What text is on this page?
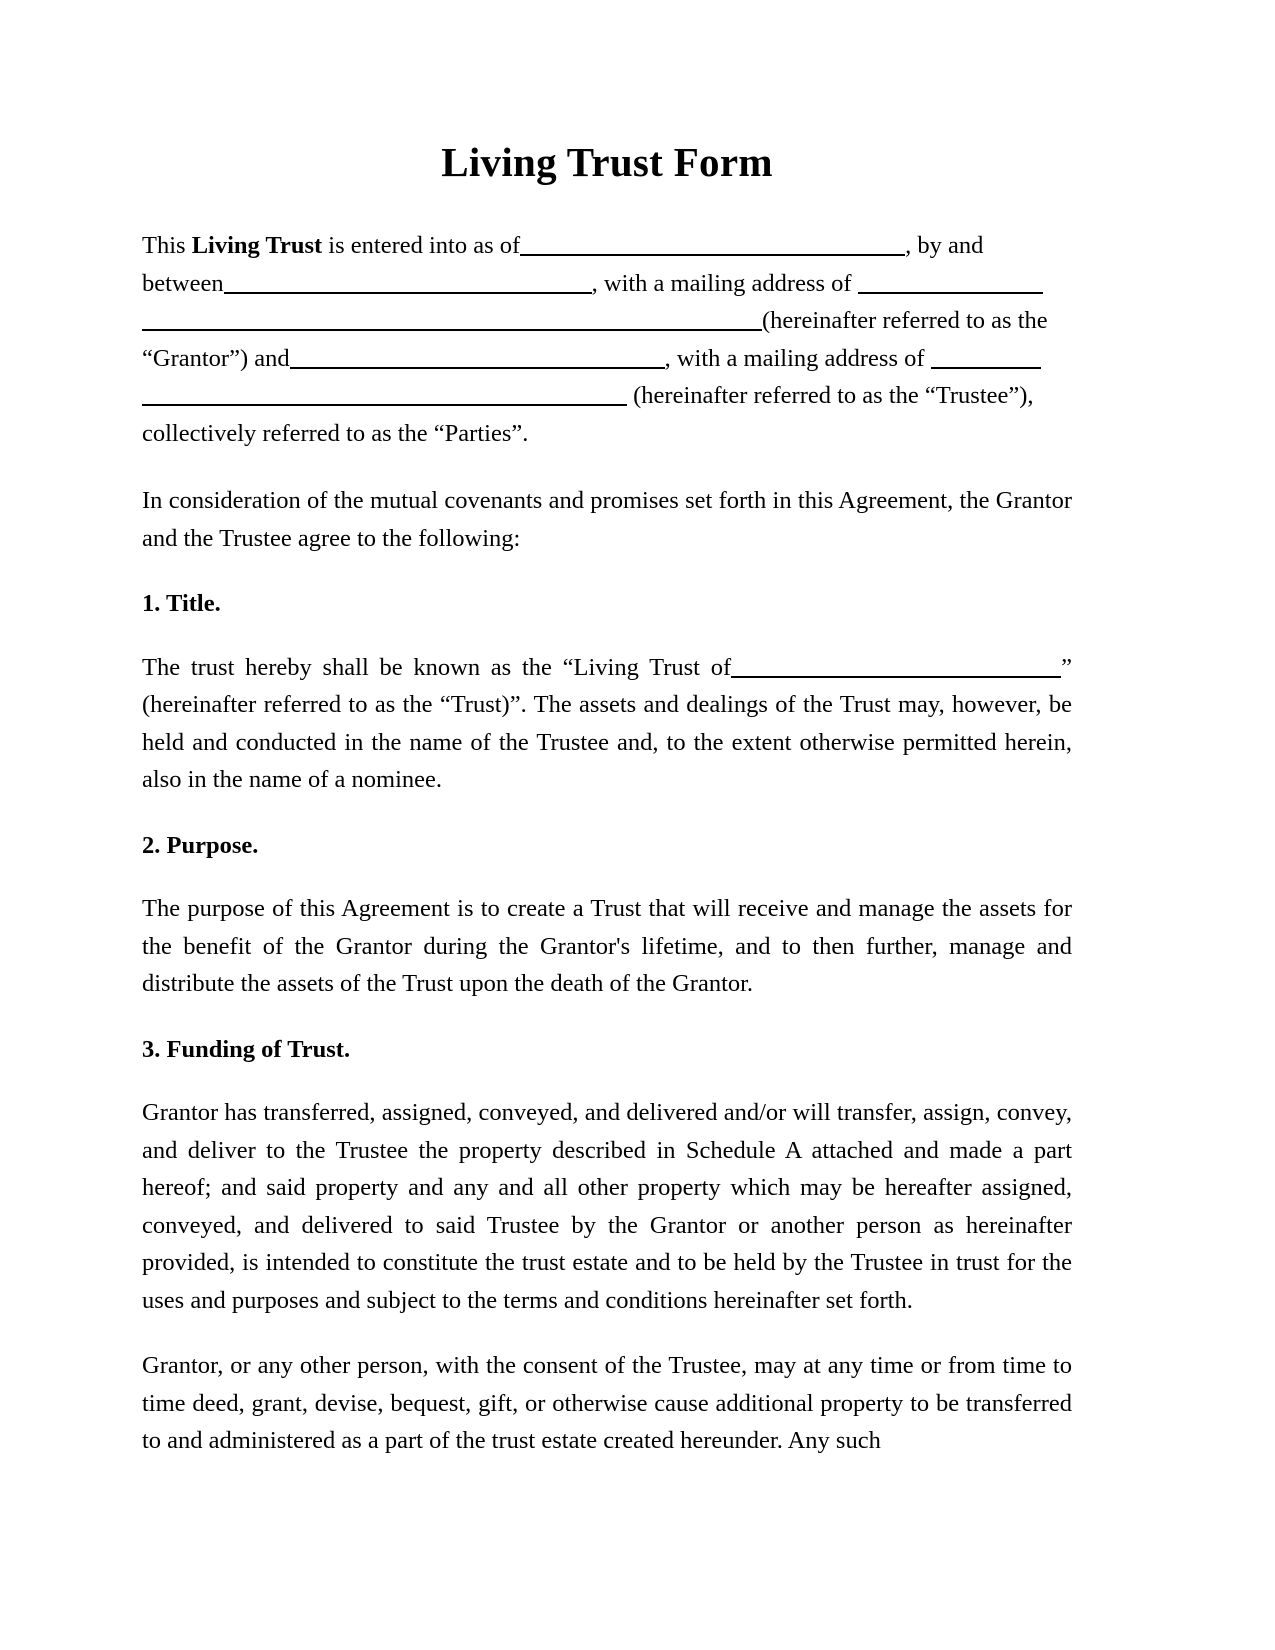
Living Trust Form
This Living Trust is entered into as of	, by and
between	, with a mailing address of
(hereinafter referred to as the
“Grantor”) and	, with a mailing address of
(hereinafter referred to as the “Trustee”),
collectively referred to as the “Parties”.

In consideration of the mutual covenants and promises set forth in this Agreement, the Grantor and the Trustee agree to the following:

1. Title.

The trust hereby shall be known as the “Living Trust of	” (hereinafter referred to as the “Trust)”. The assets and dealings of the Trust may, however, be held and conducted in the name of the Trustee and, to the extent otherwise permitted herein, also in the name of a nominee.

2. Purpose.

The purpose of this Agreement is to create a Trust that will receive and manage the assets for the benefit of the Grantor during the Grantor's lifetime, and to then further, manage and distribute the assets of the Trust upon the death of the Grantor.

3. Funding of Trust.

Grantor has transferred, assigned, conveyed, and delivered and/or will transfer, assign, convey, and deliver to the Trustee the property described in Schedule A attached and made a part hereof; and said property and any and all other property which may be hereafter assigned, conveyed, and delivered to said Trustee by the Grantor or another person as hereinafter provided, is intended to constitute the trust estate and to be held by the Trustee in trust for the uses and purposes and subject to the terms and conditions hereinafter set forth.

Grantor, or any other person, with the consent of the Trustee, may at any time or from time to time deed, grant, devise, bequest, gift, or otherwise cause additional property to be transferred to and administered as a part of the trust estate created hereunder. Any such
